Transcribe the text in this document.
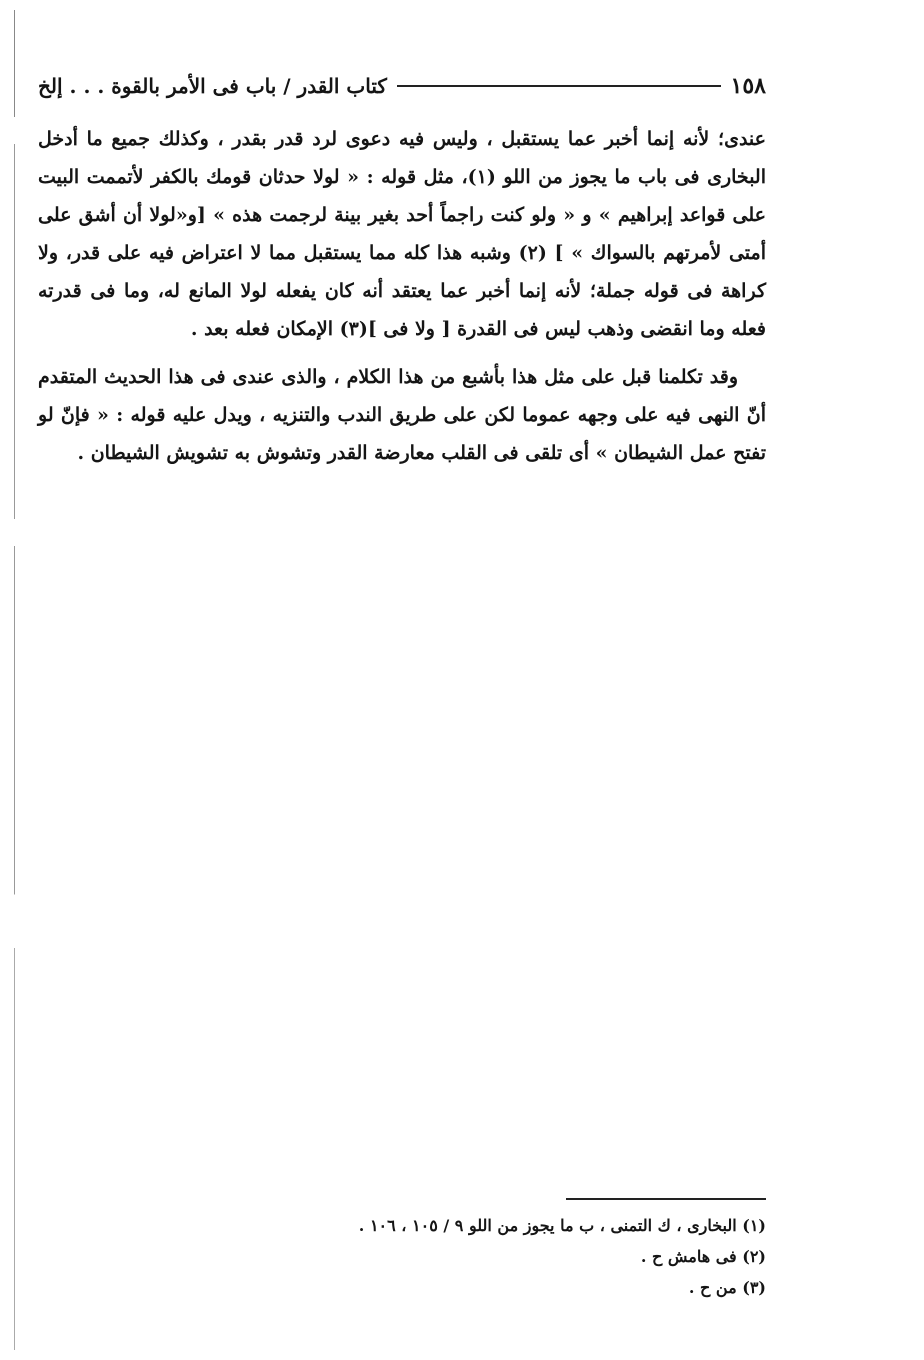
١٥٨
كتاب القدر / باب فى الأمر بالقوة . . . إلخ

عندى؛ لأنه إنما أخبر عما يستقبل ، وليس فيه دعوى لرد قدر بقدر ، وكذلك جميع ما أدخل البخارى فى باب ما يجوز من اللو (١)، مثل قوله : « لولا حدثان قومك بالكفر لأتممت البيت على قواعد إبراهيم » و « ولو كنت راجماً أحد بغير بينة لرجمت هذه » [و«لولا أن أشق على أمتى لأمرتهم بالسواك » ] (٢) وشبه هذا كله مما يستقبل مما لا اعتراض فيه على قدر، ولا كراهة فى قوله جملة؛ لأنه إنما أخبر عما يعتقد أنه كان يفعله لولا المانع له، وما فى قدرته فعله وما انقضى وذهب ليس فى القدرة [ ولا فى ](٣) الإمكان فعله بعد .

وقد تكلمنا قبل على مثل هذا بأشبع من هذا الكلام ، والذى عندى فى هذا الحديث المتقدم أنّ النهى فيه على وجهه عموما لكن على طريق الندب والتنزيه ، ويدل عليه قوله : « فإنّ لو تفتح عمل الشيطان » أى تلقى فى القلب معارضة القدر وتشوش به تشويش الشيطان .

(١) البخارى ، ك التمنى ، ب ما يجوز من اللو ٩ / ١٠٥ ، ١٠٦ .
(٢) فى هامش ح .
(٣) من ح .
